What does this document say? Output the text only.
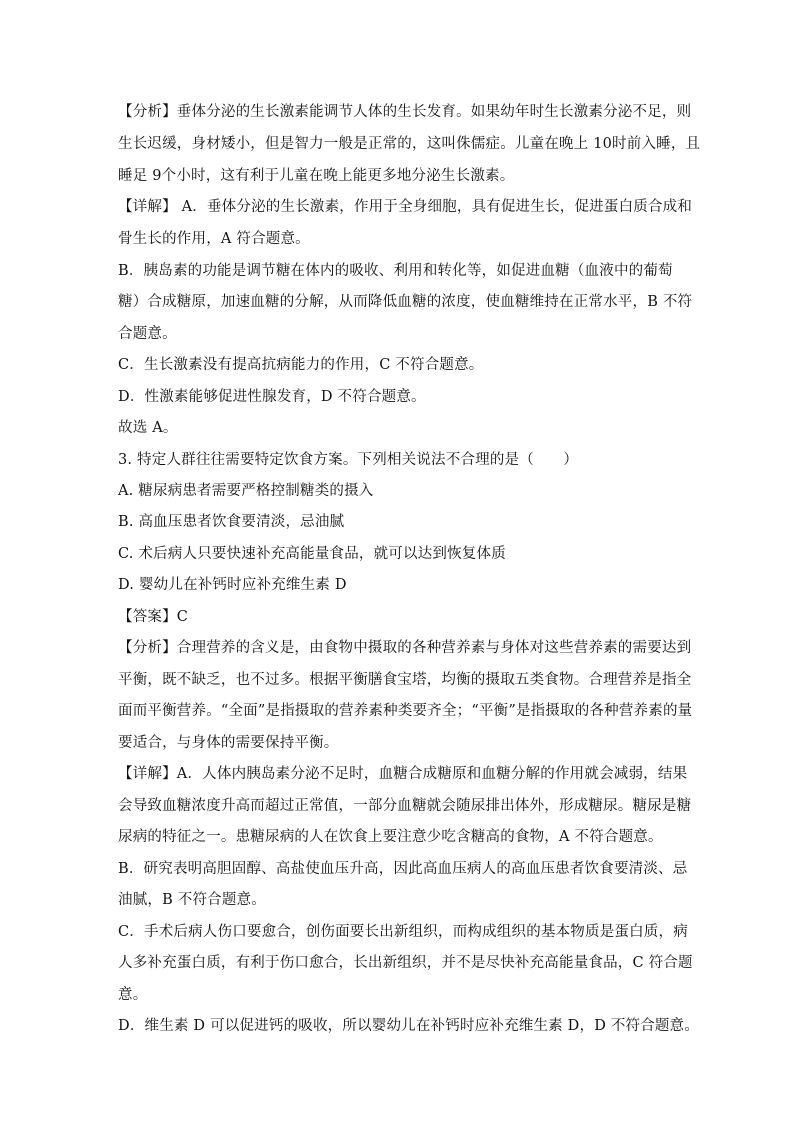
【分析】垂体分泌的生长激素能调节人体的生长发育。如果幼年时生长激素分泌不足，则
生长迟缓，身材矮小，但是智力一般是正常的，这叫侏儒症。儿童在晚上 10时前入睡，且
睡足 9个小时，这有利于儿童在晚上能更多地分泌生长激素。
【详解】 A．垂体分泌的生长激素，作用于全身细胞，具有促进生长，促进蛋白质合成和
骨生长的作用，A 符合题意。
B．胰岛素的功能是调节糖在体内的吸收、利用和转化等，如促进血糖（血液中的葡萄
糖）合成糖原，加速血糖的分解，从而降低血糖的浓度，使血糖维持在正常水平，B 不符
合题意。
C．生长激素没有提高抗病能力的作用，C 不符合题意。
D．性激素能够促进性腺发育，D 不符合题意。
故选 A。
3. 特定人群往往需要特定饮食方案。下列相关说法不合理的是（　　）
A. 糖尿病患者需要严格控制糖类的摄入
B. 高血压患者饮食要清淡，忌油腻
C. 术后病人只要快速补充高能量食品，就可以达到恢复体质
D. 婴幼儿在补钙时应补充维生素 D
【答案】C
【分析】合理营养的含义是，由食物中摄取的各种营养素与身体对这些营养素的需要达到
平衡，既不缺乏，也不过多。根据平衡膳食宝塔，均衡的摄取五类食物。合理营养是指全
面而平衡营养。“全面”是指摄取的营养素种类要齐全；“平衡”是指摄取的各种营养素的量
要适合，与身体的需要保持平衡。
【详解】A．人体内胰岛素分泌不足时，血糖合成糖原和血糖分解的作用就会减弱，结果
会导致血糖浓度升高而超过正常值，一部分血糖就会随尿排出体外，形成糖尿。糖尿是糖
尿病的特征之一。患糖尿病的人在饮食上要注意少吃含糖高的食物，A 不符合题意。
B．研究表明高胆固醇、高盐使血压升高，因此高血压病人的高血压患者饮食要清淡、忌
油腻，B 不符合题意。
C．手术后病人伤口要愈合，创伤面要长出新组织，而构成组织的基本物质是蛋白质，病
人多补充蛋白质，有利于伤口愈合，长出新组织，并不是尽快补充高能量食品，C 符合题
意。
D．维生素 D 可以促进钙的吸收，所以婴幼儿在补钙时应补充维生素 D，D 不符合题意。
